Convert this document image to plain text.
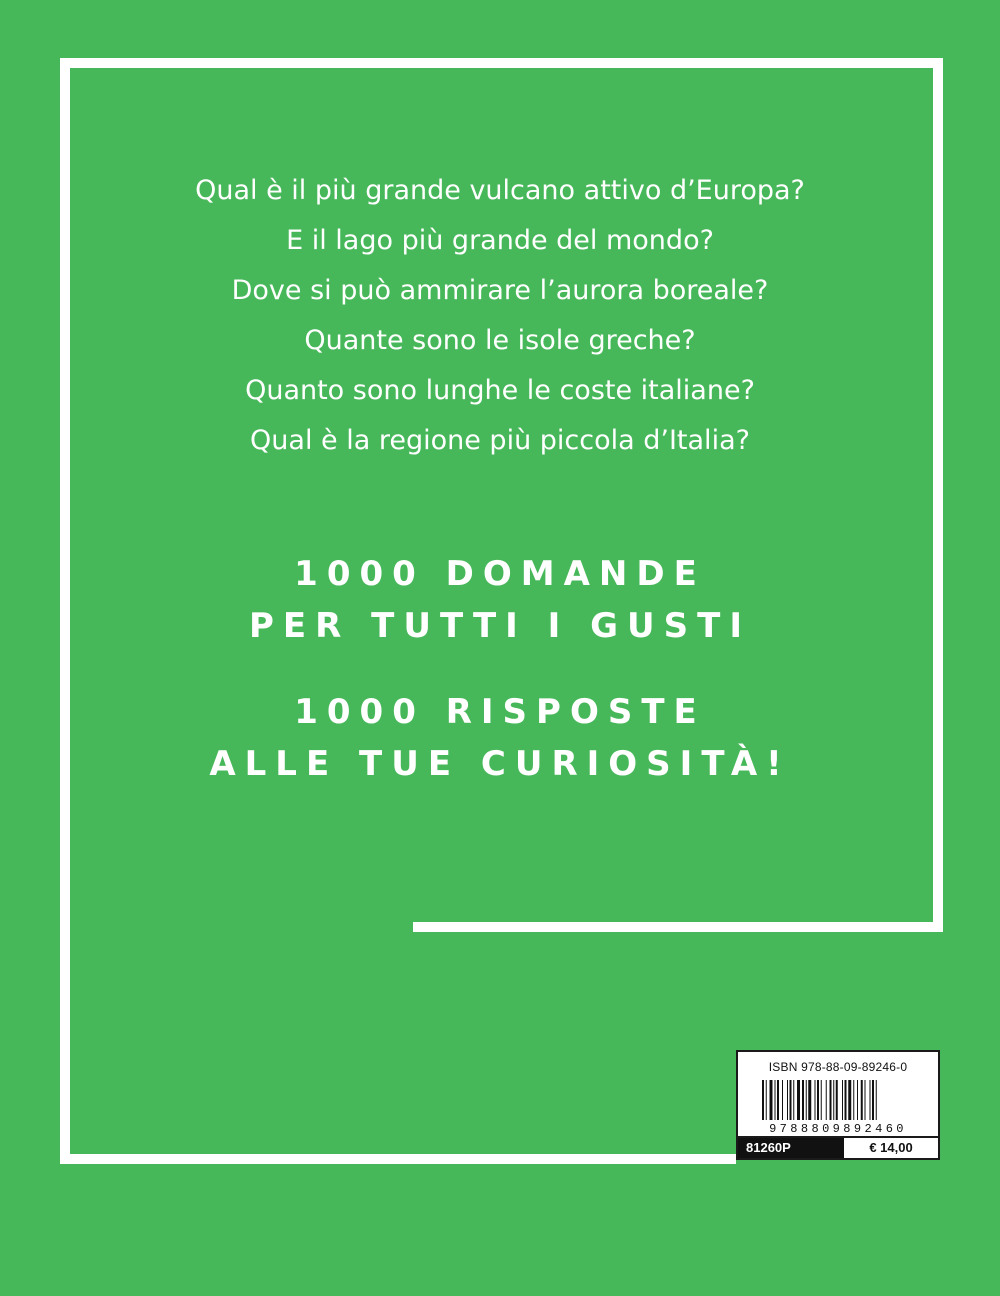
Qual è il più grande vulcano attivo d’Europa?
E il lago più grande del mondo?
Dove si può ammirare l’aurora boreale?
Quante sono le isole greche?
Quanto sono lunghe le coste italiane?
Qual è la regione più piccola d’Italia?
1000 DOMANDE
PER TUTTI I GUSTI
1000 RISPOSTE
ALLE TUE CURIOSITÀ!
ISBN 978-88-09-89246-0
9788809892460
81260P	€ 14,00
